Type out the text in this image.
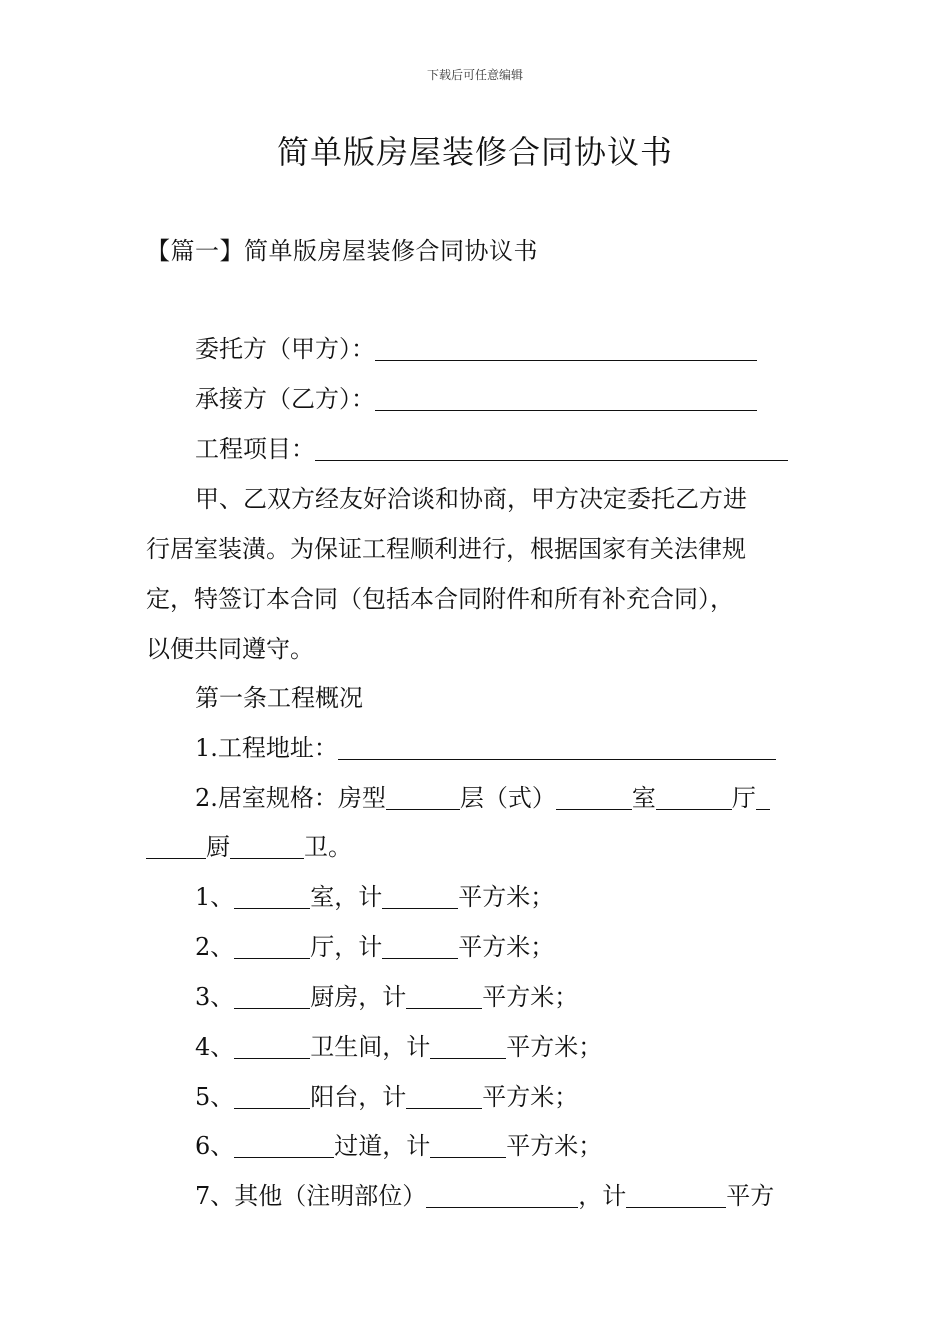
下载后可任意编辑
简单版房屋装修合同协议书
【篇一】简单版房屋装修合同协议书
委托方（甲方）：
承接方（乙方）：
工程项目：
甲、乙双方经友好洽谈和协商，甲方决定委托乙方进
行居室装潢。为保证工程顺利进行，根据国家有关法律规
定，特签订本合同（包括本合同附件和所有补充合同），
以便共同遵守。
第一条工程概况
1.工程地址：
2.居室规格：房型	层（式）	室	厅
厨	卫。
1、	室，计	平方米；
2、	厅，计	平方米；
3、	厨房，计	平方米；
4、	卫生间，计	平方米；
5、	阳台，计	平方米；
6、	过道，计	平方米；
7、其他（注明部位）	，计	平方
